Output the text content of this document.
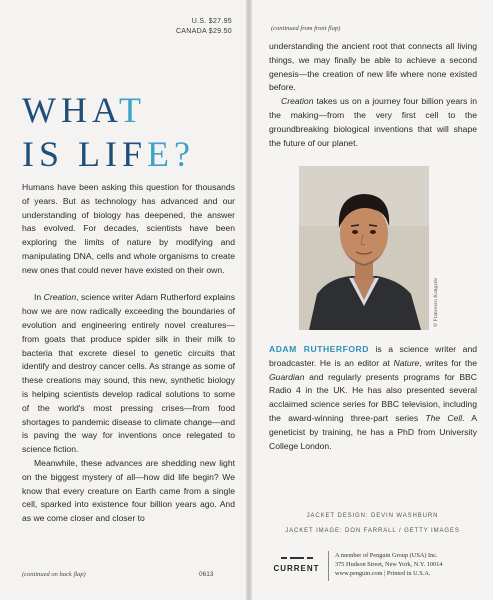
U.S. $27.95
CANADA $29.50
WHAT
IS LIFE?

Humans have been asking this question for thousands of years. But as technology has advanced and our understanding of biology has deepened, the answer has evolved. For decades, scientists have been exploring the limits of nature by modifying and manipulating DNA, cells and whole organisms to create new ones that could never have existed on their own.

In Creation, science writer Adam Rutherford explains how we are now radically exceeding the boundaries of evolution and engineering entirely novel creatures—from goats that produce spider silk in their milk to bacteria that excrete diesel to genetic circuits that identify and destroy cancer cells. As strange as some of these creations may sound, this new, synthetic biology is helping scientists develop radical solutions to some of the world's most pressing crises—from food shortages to pandemic disease to climate change—and is paving the way for inventions once relegated to science fiction.

Meanwhile, these advances are shedding new light on the biggest mystery of all—how did life begin? We know that every creature on Earth came from a single cell, sparked into existence four billion years ago. And as we come closer and closer to

(continued on back flap)	0613
(continued from front flap)

understanding the ancient root that connects all living things, we may finally be able to achieve a second genesis—the creation of new life where none existed before.

Creation takes us on a journey four billion years in the making—from the very first cell to the groundbreaking biological inventions that will shape the future of our planet.

© Francesco Kangaris
ADAM RUTHERFORD is a science writer and broadcaster. He is an editor at Nature, writes for the Guardian and regularly presents programs for BBC Radio 4 in the UK. He has also presented several acclaimed science series for BBC television, including the award-winning three-part series The Cell. A geneticist by training, he has a PhD from University College London.
JACKET DESIGN: DEVIN WASHBURN
JACKET IMAGE: DON FARRALL / GETTY IMAGES
CURRENT
A member of Penguin Group (USA) Inc.
375 Hudson Street, New York, N.Y. 10014
www.penguin.com | Printed in U.S.A.
